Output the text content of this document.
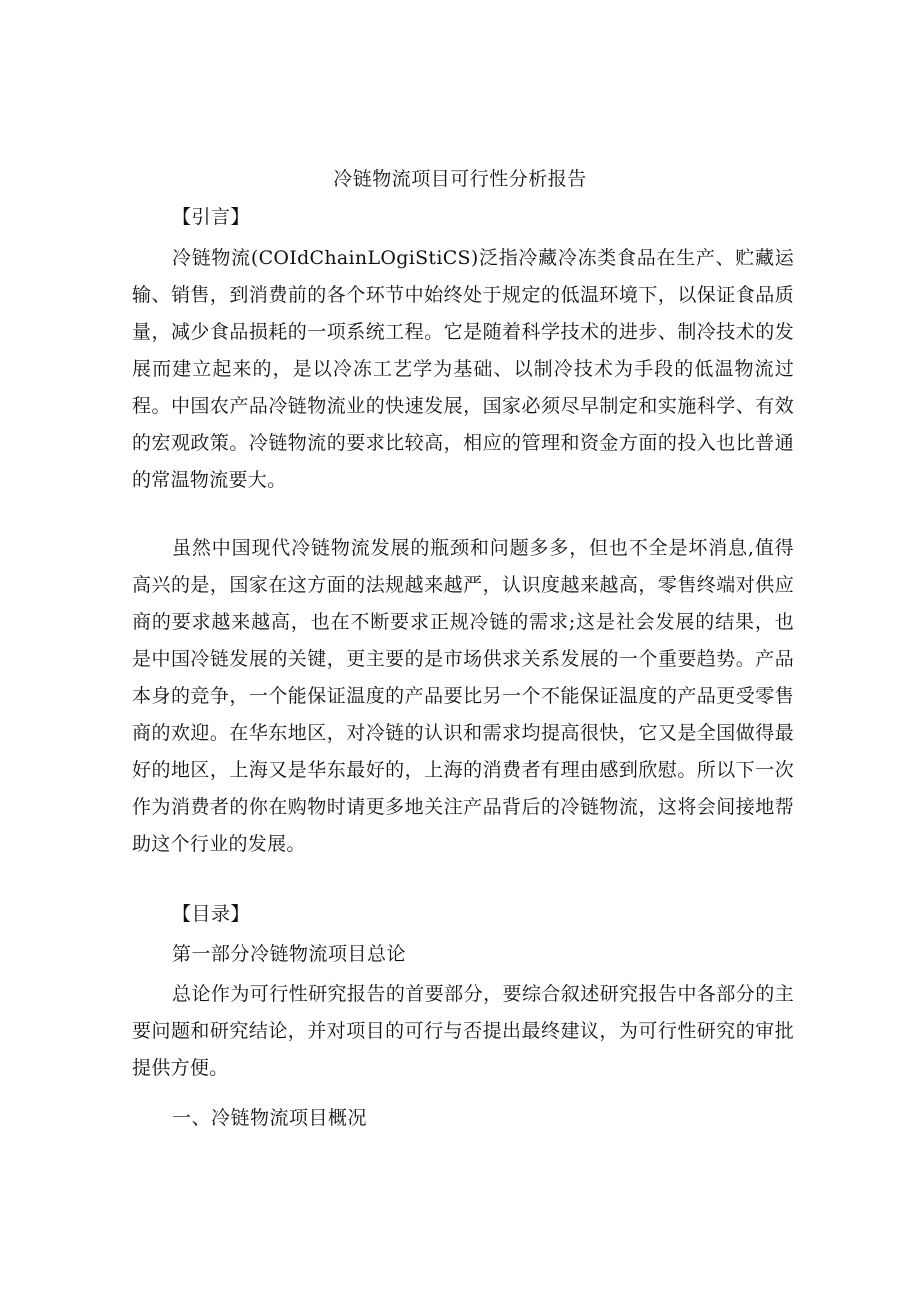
冷链物流项目可行性分析报告
【引言】

冷链物流(COIdChainLOgiStiCS)泛指冷藏冷冻类食品在生产、贮藏运输、销售，到消费前的各个环节中始终处于规定的低温环境下，以保证食品质量，减少食品损耗的一项系统工程。它是随着科学技术的进步、制冷技术的发展而建立起来的，是以冷冻工艺学为基础、以制冷技术为手段的低温物流过程。中国农产品冷链物流业的快速发展，国家必须尽早制定和实施科学、有效的宏观政策。冷链物流的要求比较高，相应的管理和资金方面的投入也比普通的常温物流要大。

虽然中国现代冷链物流发展的瓶颈和问题多多，但也不全是坏消息,值得高兴的是，国家在这方面的法规越来越严，认识度越来越高，零售终端对供应商的要求越来越高，也在不断要求正规冷链的需求;这是社会发展的结果，也是中国冷链发展的关键，更主要的是市场供求关系发展的一个重要趋势。产品本身的竞争，一个能保证温度的产品要比另一个不能保证温度的产品更受零售商的欢迎。在华东地区，对冷链的认识和需求均提高很快，它又是全国做得最好的地区，上海又是华东最好的，上海的消费者有理由感到欣慰。所以下一次作为消费者的你在购物时请更多地关注产品背后的冷链物流，这将会间接地帮助这个行业的发展。

【目录】
第一部分冷链物流项目总论

总论作为可行性研究报告的首要部分，要综合叙述研究报告中各部分的主要问题和研究结论，并对项目的可行与否提出最终建议，为可行性研究的审批提供方便。

一、冷链物流项目概况
